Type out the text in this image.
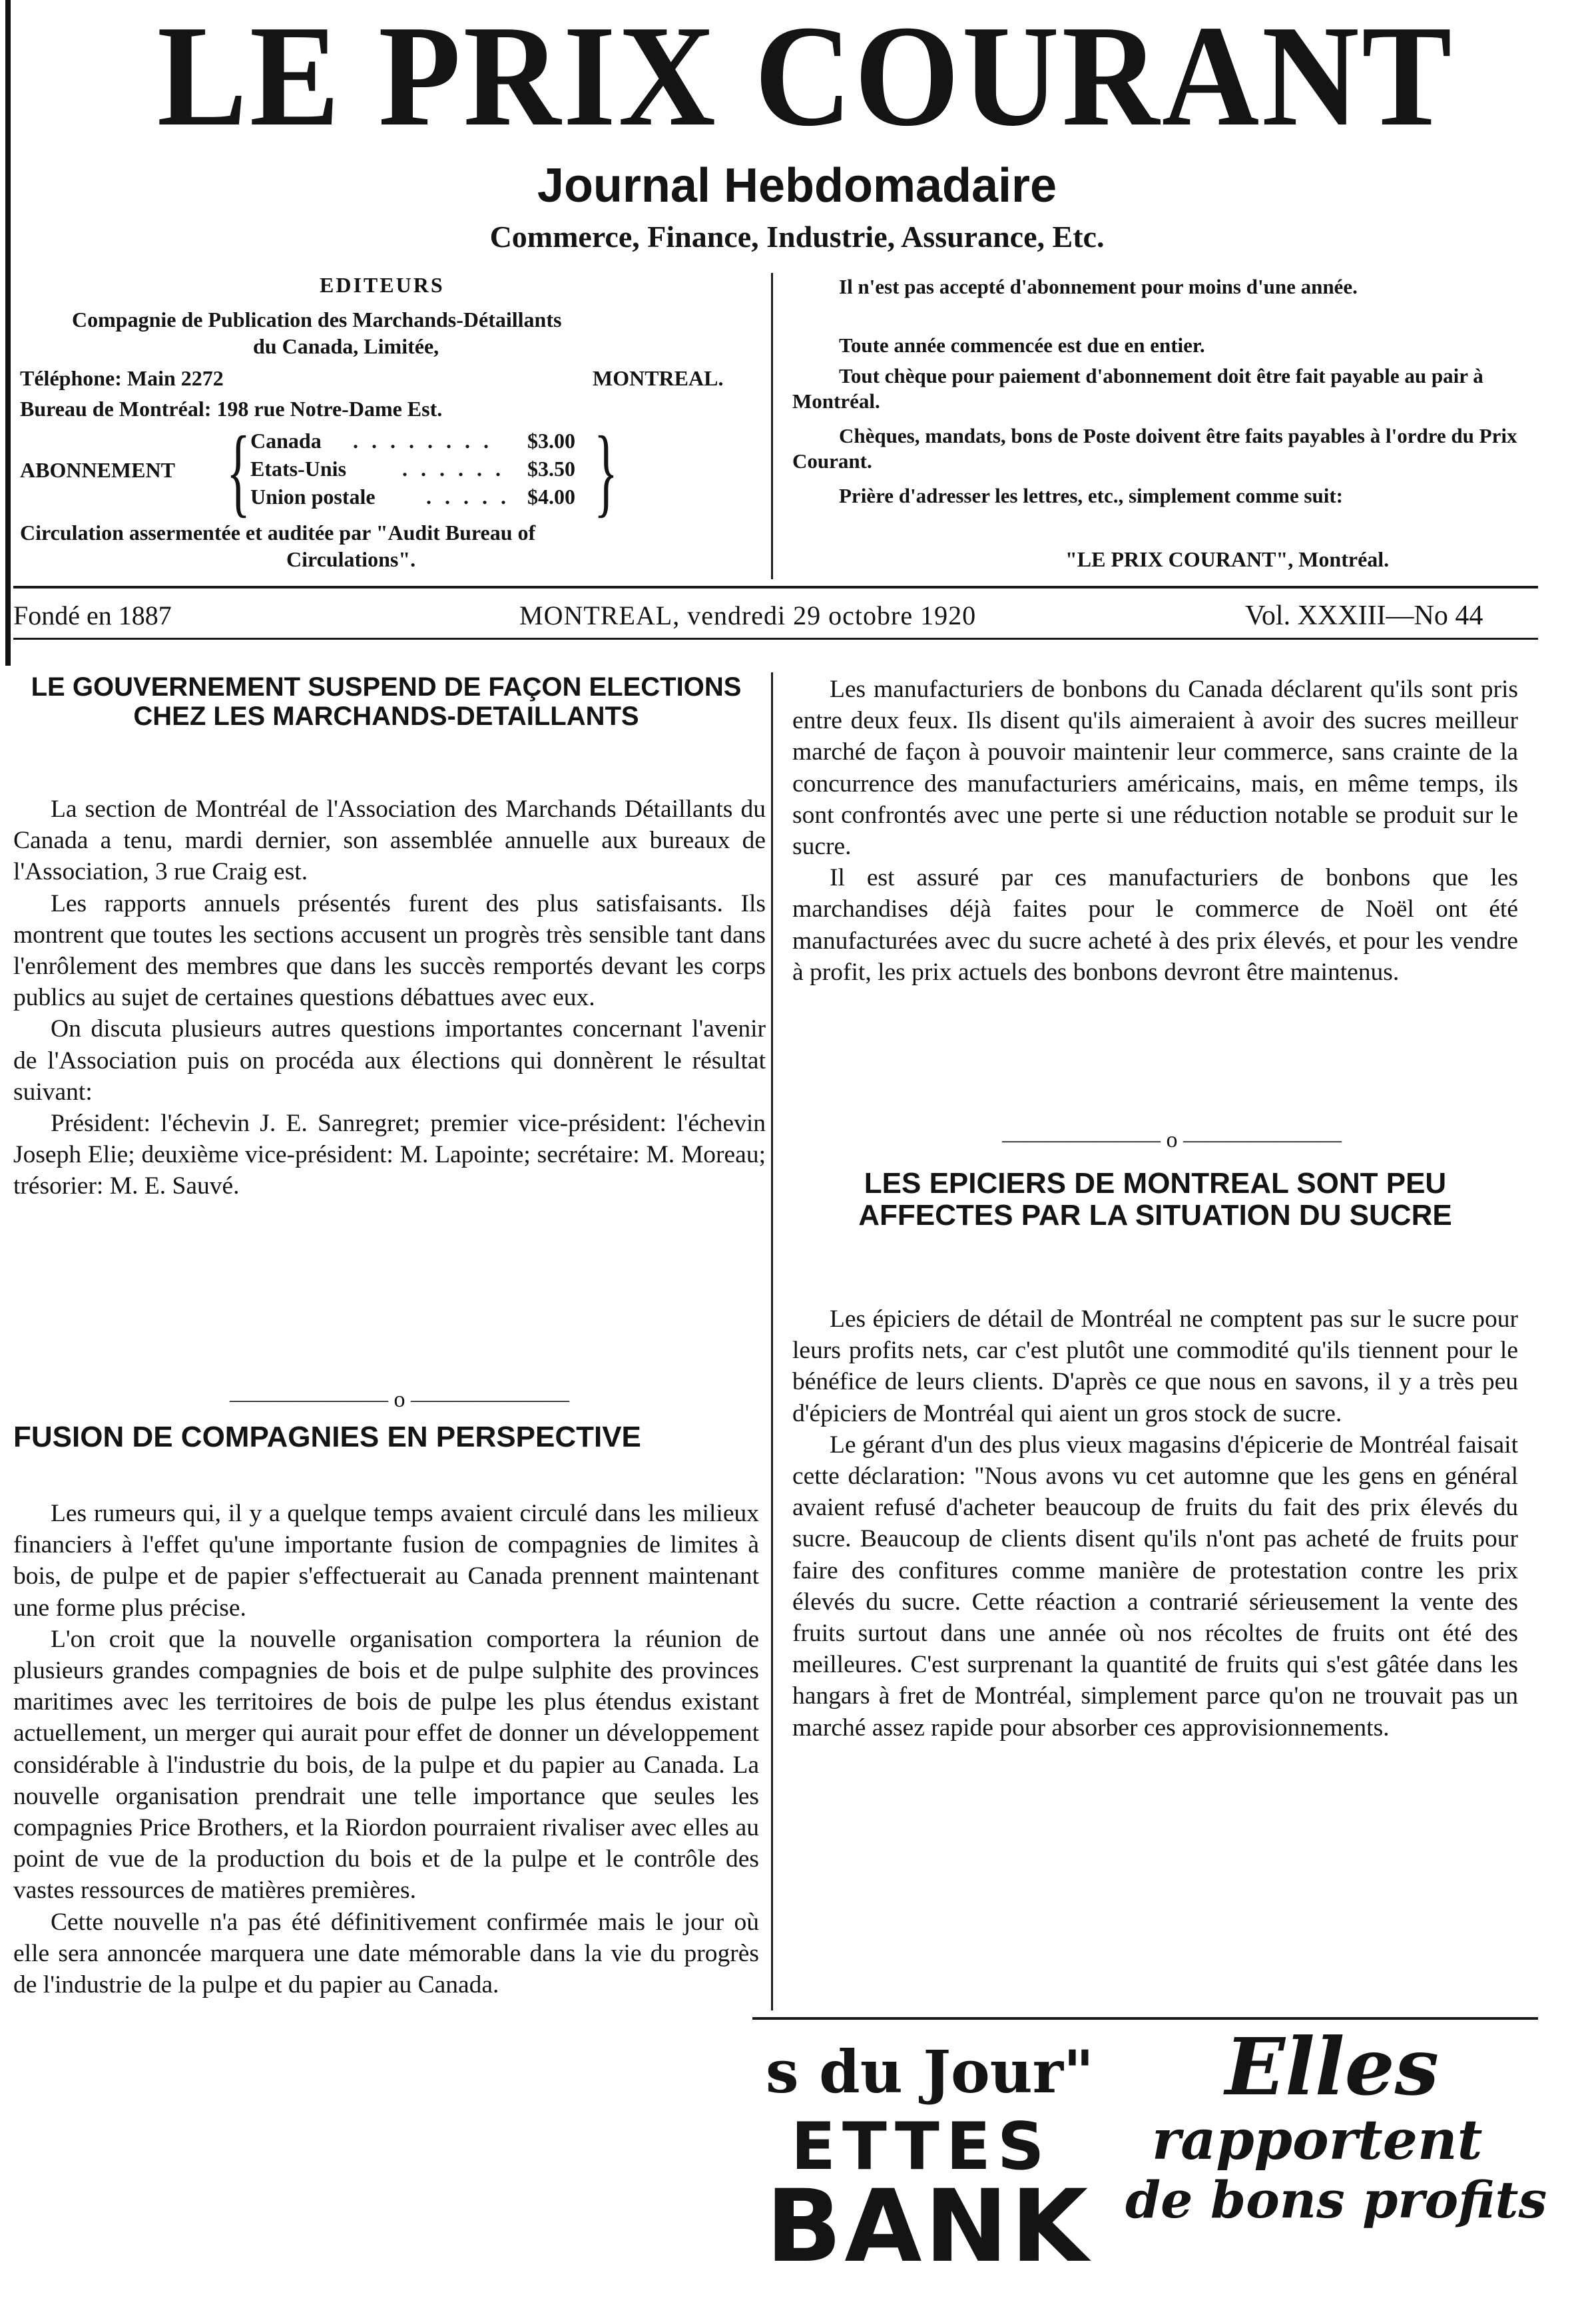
LE PRIX COURANT
Journal Hebdomadaire
Commerce, Finance, Industrie, Assurance, Etc.
EDITEURS
Compagnie de Publication des Marchands-Détaillants
du Canada, Limitée,
Téléphone: Main 2272	MONTREAL.
Bureau de Montréal: 198 rue Notre-Dame Est.
ABONNEMENT {	}
Canada . . . . . . . . $3.00
Etats-Unis	. . . . . . $3.50
Union postale . . . . . $4.00
Circulation assermentée et auditée par "Audit Bureau of
Circulations".
Il n'est pas accepté d'abonnement pour moins d'une année.
Toute année commencée est due en entier.
Tout chèque pour paiement d'abonnement doit être fait payable au pair à Montréal.
Chèques, mandats, bons de Poste doivent être faits payables à l'ordre du Prix Courant.
Prière d'adresser les lettres, etc., simplement comme suit:
"LE PRIX COURANT", Montréal.
Fondé en 1887	MONTREAL, vendredi 29 octobre 1920	Vol. XXXIII—No 44
LE GOUVERNEMENT SUSPEND DE FAÇON ELECTIONS CHEZ LES MARCHANDS-DETAILLANTS

La section de Montréal de l'Association des Marchands Détaillants du Canada a tenu, mardi dernier, son assemblée annuelle aux bureaux de l'Association, 3 rue Craig est.

Les rapports annuels présentés furent des plus satisfaisants. Ils montrent que toutes les sections accusent un progrès très sensible tant dans l'enrôlement des membres que dans les succès remportés devant les corps publics au sujet de certaines questions débattues avec eux.

On discuta plusieurs autres questions importantes concernant l'avenir de l'Association puis on procéda aux élections qui donnèrent le résultat suivant:

Président: l'échevin J. E. Sanregret; premier vice-président: l'échevin Joseph Elie; deuxième vice-président: M. Lapointe; secrétaire: M. Moreau; trésorier: M. E. Sauvé.

——————— o ———————
FUSION DE COMPAGNIES EN PERSPECTIVE

Les rumeurs qui, il y a quelque temps avaient circulé dans les milieux financiers à l'effet qu'une importante fusion de compagnies de limites à bois, de pulpe et de papier s'effectuerait au Canada prennent maintenant une forme plus précise.

L'on croit que la nouvelle organisation comportera la réunion de plusieurs grandes compagnies de bois et de pulpe sulphite des provinces maritimes avec les territoires de bois de pulpe les plus étendus existant actuellement, un merger qui aurait pour effet de donner un développement considérable à l'industrie du bois, de la pulpe et du papier au Canada. La nouvelle organisation prendrait une telle importance que seules les compagnies Price Brothers, et la Riordon pourraient rivaliser avec elles au point de vue de la production du bois et de la pulpe et le contrôle des vastes ressources de matières premières.

Cette nouvelle n'a pas été définitivement confirmée mais le jour où elle sera annoncée marquera une date mémorable dans la vie du progrès de l'industrie de la pulpe et du papier au Canada.

Les manufacturiers de bonbons du Canada déclarent qu'ils sont pris entre deux feux. Ils disent qu'ils aimeraient à avoir des sucres meilleur marché de façon à pouvoir maintenir leur commerce, sans crainte de la concurrence des manufacturiers américains, mais, en même temps, ils sont confrontés avec une perte si une réduction notable se produit sur le sucre.

Il est assuré par ces manufacturiers de bonbons que les marchandises déjà faites pour le commerce de Noël ont été manufacturées avec du sucre acheté à des prix élevés, et pour les vendre à profit, les prix actuels des bonbons devront être maintenus.

——————— o ———————
LES EPICIERS DE MONTREAL SONT PEU AFFECTES PAR LA SITUATION DU SUCRE

Les épiciers de détail de Montréal ne comptent pas sur le sucre pour leurs profits nets, car c'est plutôt une commodité qu'ils tiennent pour le bénéfice de leurs clients. D'après ce que nous en savons, il y a très peu d'épiciers de Montréal qui aient un gros stock de sucre.

Le gérant d'un des plus vieux magasins d'épicerie de Montréal faisait cette déclaration: "Nous avons vu cet automne que les gens en général avaient refusé d'acheter beaucoup de fruits du fait des prix élevés du sucre. Beaucoup de clients disent qu'ils n'ont pas acheté de fruits pour faire des confitures comme manière de protestation contre les prix élevés du sucre. Cette réaction a contrarié sérieusement la vente des fruits surtout dans une année où nos récoltes de fruits ont été des meilleures. C'est surprenant la quantité de fruits qui s'est gâtée dans les hangars à fret de Montréal, simplement parce qu'on ne trouvait pas un marché assez rapide pour absorber ces approvisionnements.

s du Jour"
ETTES
BANK
Elles
rapportent
de bons profits
